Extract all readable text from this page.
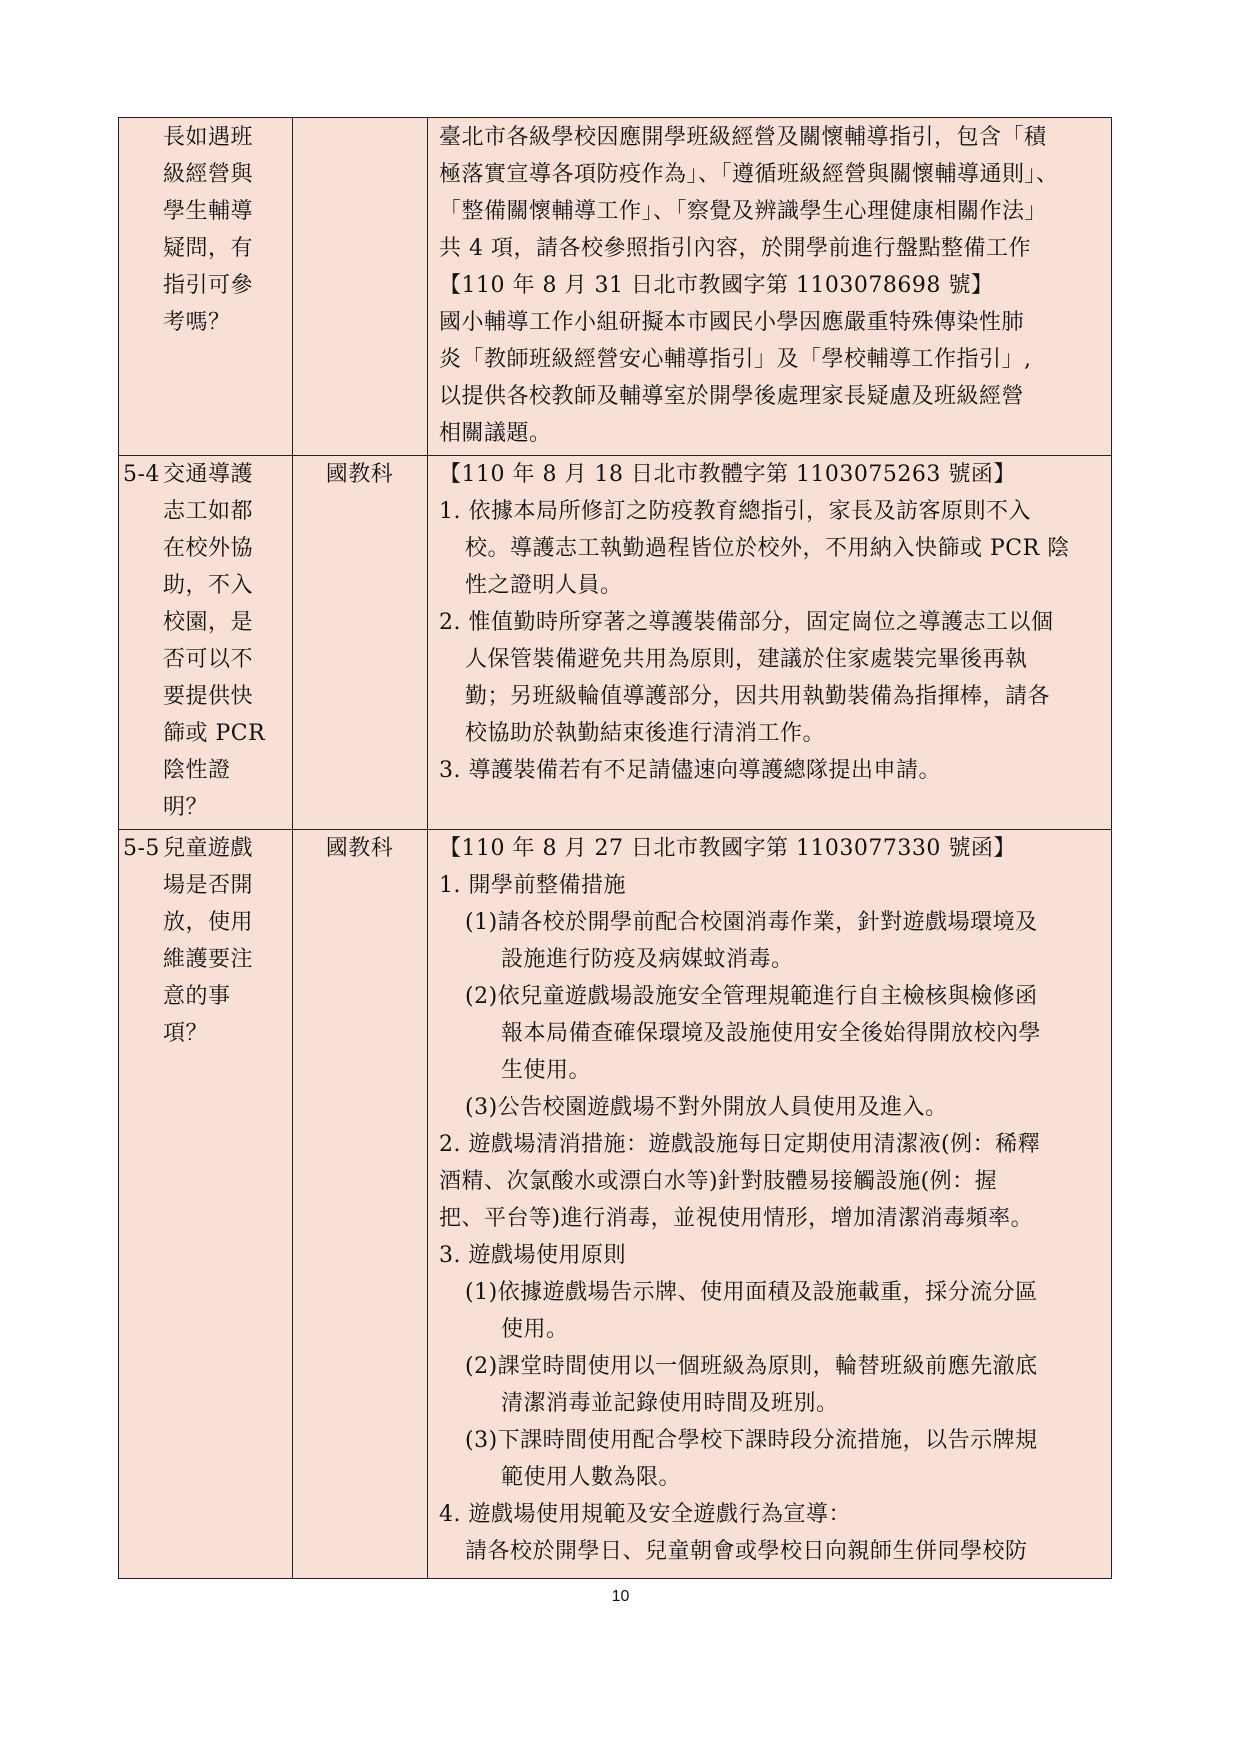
長如遇班
級經營與
學生輔導
疑問，有
指引可參
考嗎？
臺北市各級學校因應開學班級經營及關懷輔導指引，包含「積
極落實宣導各項防疫作為」、「遵循班級經營與關懷輔導通則」、
「整備關懷輔導工作」、「察覺及辨識學生心理健康相關作法」
共 4 項，請各校參照指引內容，於開學前進行盤點整備工作
【110 年 8 月 31 日北市教國字第 1103078698 號】
國小輔導工作小組研擬本市國民小學因應嚴重特殊傳染性肺
炎「教師班級經營安心輔導指引」及「學校輔導工作指引」,
以提供各校教師及輔導室於開學後處理家長疑慮及班級經營
相關議題。
5-4 交通導護
志工如都
在校外協
助，不入
校園，是
否可以不
要提供快
篩或 PCR
陰性證
明？
國教科	【110 年 8 月 18 日北市教體字第 1103075263 號函】
1. 依據本局所修訂之防疫教育總指引，家長及訪客原則不入
校。導護志工執勤過程皆位於校外，不用納入快篩或 PCR 陰
性之證明人員。
2. 惟值勤時所穿著之導護裝備部分，固定崗位之導護志工以個
人保管裝備避免共用為原則，建議於住家處裝完畢後再執
勤；另班級輪值導護部分，因共用執勤裝備為指揮棒，請各
校協助於執勤結束後進行清消工作。
3. 導護裝備若有不足請儘速向導護總隊提出申請。
5-5 兒童遊戲
場是否開
放，使用
維護要注
意的事
項？
國教科	【110 年 8 月 27 日北市教國字第 1103077330 號函】
1. 開學前整備措施
(1)請各校於開學前配合校園消毒作業，針對遊戲場環境及
設施進行防疫及病媒蚊消毒。
(2)依兒童遊戲場設施安全管理規範進行自主檢核與檢修函
報本局備查確保環境及設施使用安全後始得開放校內學
生使用。
(3)公告校園遊戲場不對外開放人員使用及進入。
2. 遊戲場清消措施：遊戲設施每日定期使用清潔液(例：稀釋
酒精、次氯酸水或漂白水等)針對肢體易接觸設施(例：握
把、平台等)進行消毒，並視使用情形，增加清潔消毒頻率。
3. 遊戲場使用原則
(1)依據遊戲場告示牌、使用面積及設施載重，採分流分區
使用。
(2)課堂時間使用以一個班級為原則，輪替班級前應先澈底
清潔消毒並記錄使用時間及班別。
(3)下課時間使用配合學校下課時段分流措施，以告示牌規
範使用人數為限。
4. 遊戲場使用規範及安全遊戲行為宣導：
請各校於開學日、兒童朝會或學校日向親師生併同學校防
10
